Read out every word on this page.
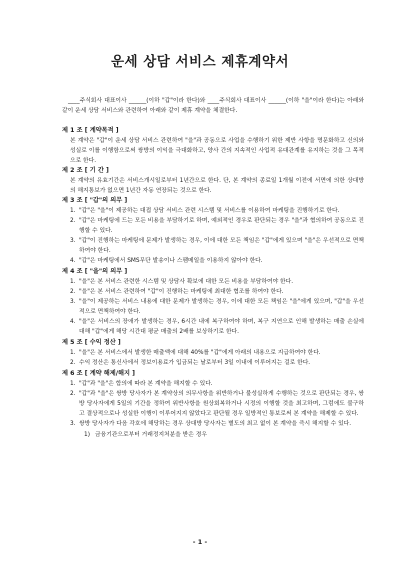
운세 상담 서비스 제휴계약서

____주식회사 대표이사 ______(이하 "갑"이라 한다)와 ____주식회사 대표이사 ______(이하 "을"이라 한다)는 아래와 같이 운세 상담 서비스와 관련하여 아래와 같이 제휴 계약을 체결한다.

제 1 조 [ 계약목적 ]
본 계약은 "갑"이 운세 상담 서비스 관련하여 "을"과 공동으로 사업을 수행하기 위한 제반 사항을 명문화하고 신의와 성실로 이를 이행함으로써 쌍방의 이익을 극대화하고, 양사 간의 지속적인 사업적 유대관계를 유지하는 것을 그 목적으로 한다.
제 2 조 [ 기 간 ]
본 계약의 유효기간은 서비스개시일로부터 1년간으로 한다. 단, 본 계약의 종료일 1개월 이전에 서면에 의한 상대방의 해지통보가 없으면 1년간 자동 연장되는 것으로 한다.
제 3 조 [ "갑"의 의무 ]
1. "갑"은 "을"이 제공하는 대접 상담 서비스 관련 시스템 및 서비스를 이용하여 마케팅을 진행하기로 한다.
2. "갑"은 마케팅에 드는 모든 비용을 부담하기로 하며, 예외적인 경우로 판단되는 경우 "을"과 협의하여 공동으로 진행할 수 있다.
3. "갑"이 진행하는 마케팅에 문제가 발생하는 경우, 이에 대한 모든 책임은 "갑"에게 있으며 "을"은 우선적으로 면책하여야 한다.
4. "갑"은 마케팅에서 SMS무단 발송이나 스팸메일을 이용하지 않아야 한다.
제 4 조 [ "을"의 의무 ]
1. "을"은 본 서비스 관련한 시스템 및 상담사 확보에 대한 모든 비용을 부담하여야 한다.
2. "을"은 본 서비스 관련하여 "갑"이 진행하는 마케팅에 최대한 협조를 하여야 한다.
3. "을"이 제공하는 서비스 내용에 대한 문제가 발생하는 경우, 이에 대한 모든 책임은 "을"에게 있으며, "갑"을 우선적으로 면책하여야 한다.
4. "을"은 서비스의 장애가 발생하는 경우, 6시간 내에 복구하여야 하며, 복구 지연으로 인해 발생하는 매출 손실에 대해 "갑"에게 해당 시간대 평균 매출의 2배를 보상하기로 한다.
제 5 조 [ 수익 정산 ]
1. "을"은 본 서비스에서 발생한 매출액에 대해 40%를 "갑"에게 아래의 내용으로 지급하여야 한다.
2. 수익 정산은 통신사에서 정보이용료가 입금되는 날로부터 3일 이내에 이루어지는 걸로 한다.
제 6 조 [ 계약 해제/해지 ]
1. "갑"과 "을"은 합의에 따라 본 계약을 해지할 수 있다.
2. "갑"과 "을"은 쌍방 당사자가 본 계약상의 의무사항을 위반하거나 불성실하게 수행하는 것으로 판단되는 경우, 쌍방 당사자에게 5일의 기간을 정하여 위반사항을 원상회복하거나 시정의 이행할 것을 최고하며, 그럼에도 불구하고 결상적으로나 성실한 이행이 이루어지지 않았다고 판단될 경우 일방적인 통보로써 본 계약을 해제할 수 있다.
3. 쌍방 당사자가 다음 각호에 해당하는 경우 상대방 당사자는 별도의 최고 없이 본 계약을 즉시 해지할 수 있다.
1) 금융기관으로부터 거래정지처분을 받은 경우
- 1 -
